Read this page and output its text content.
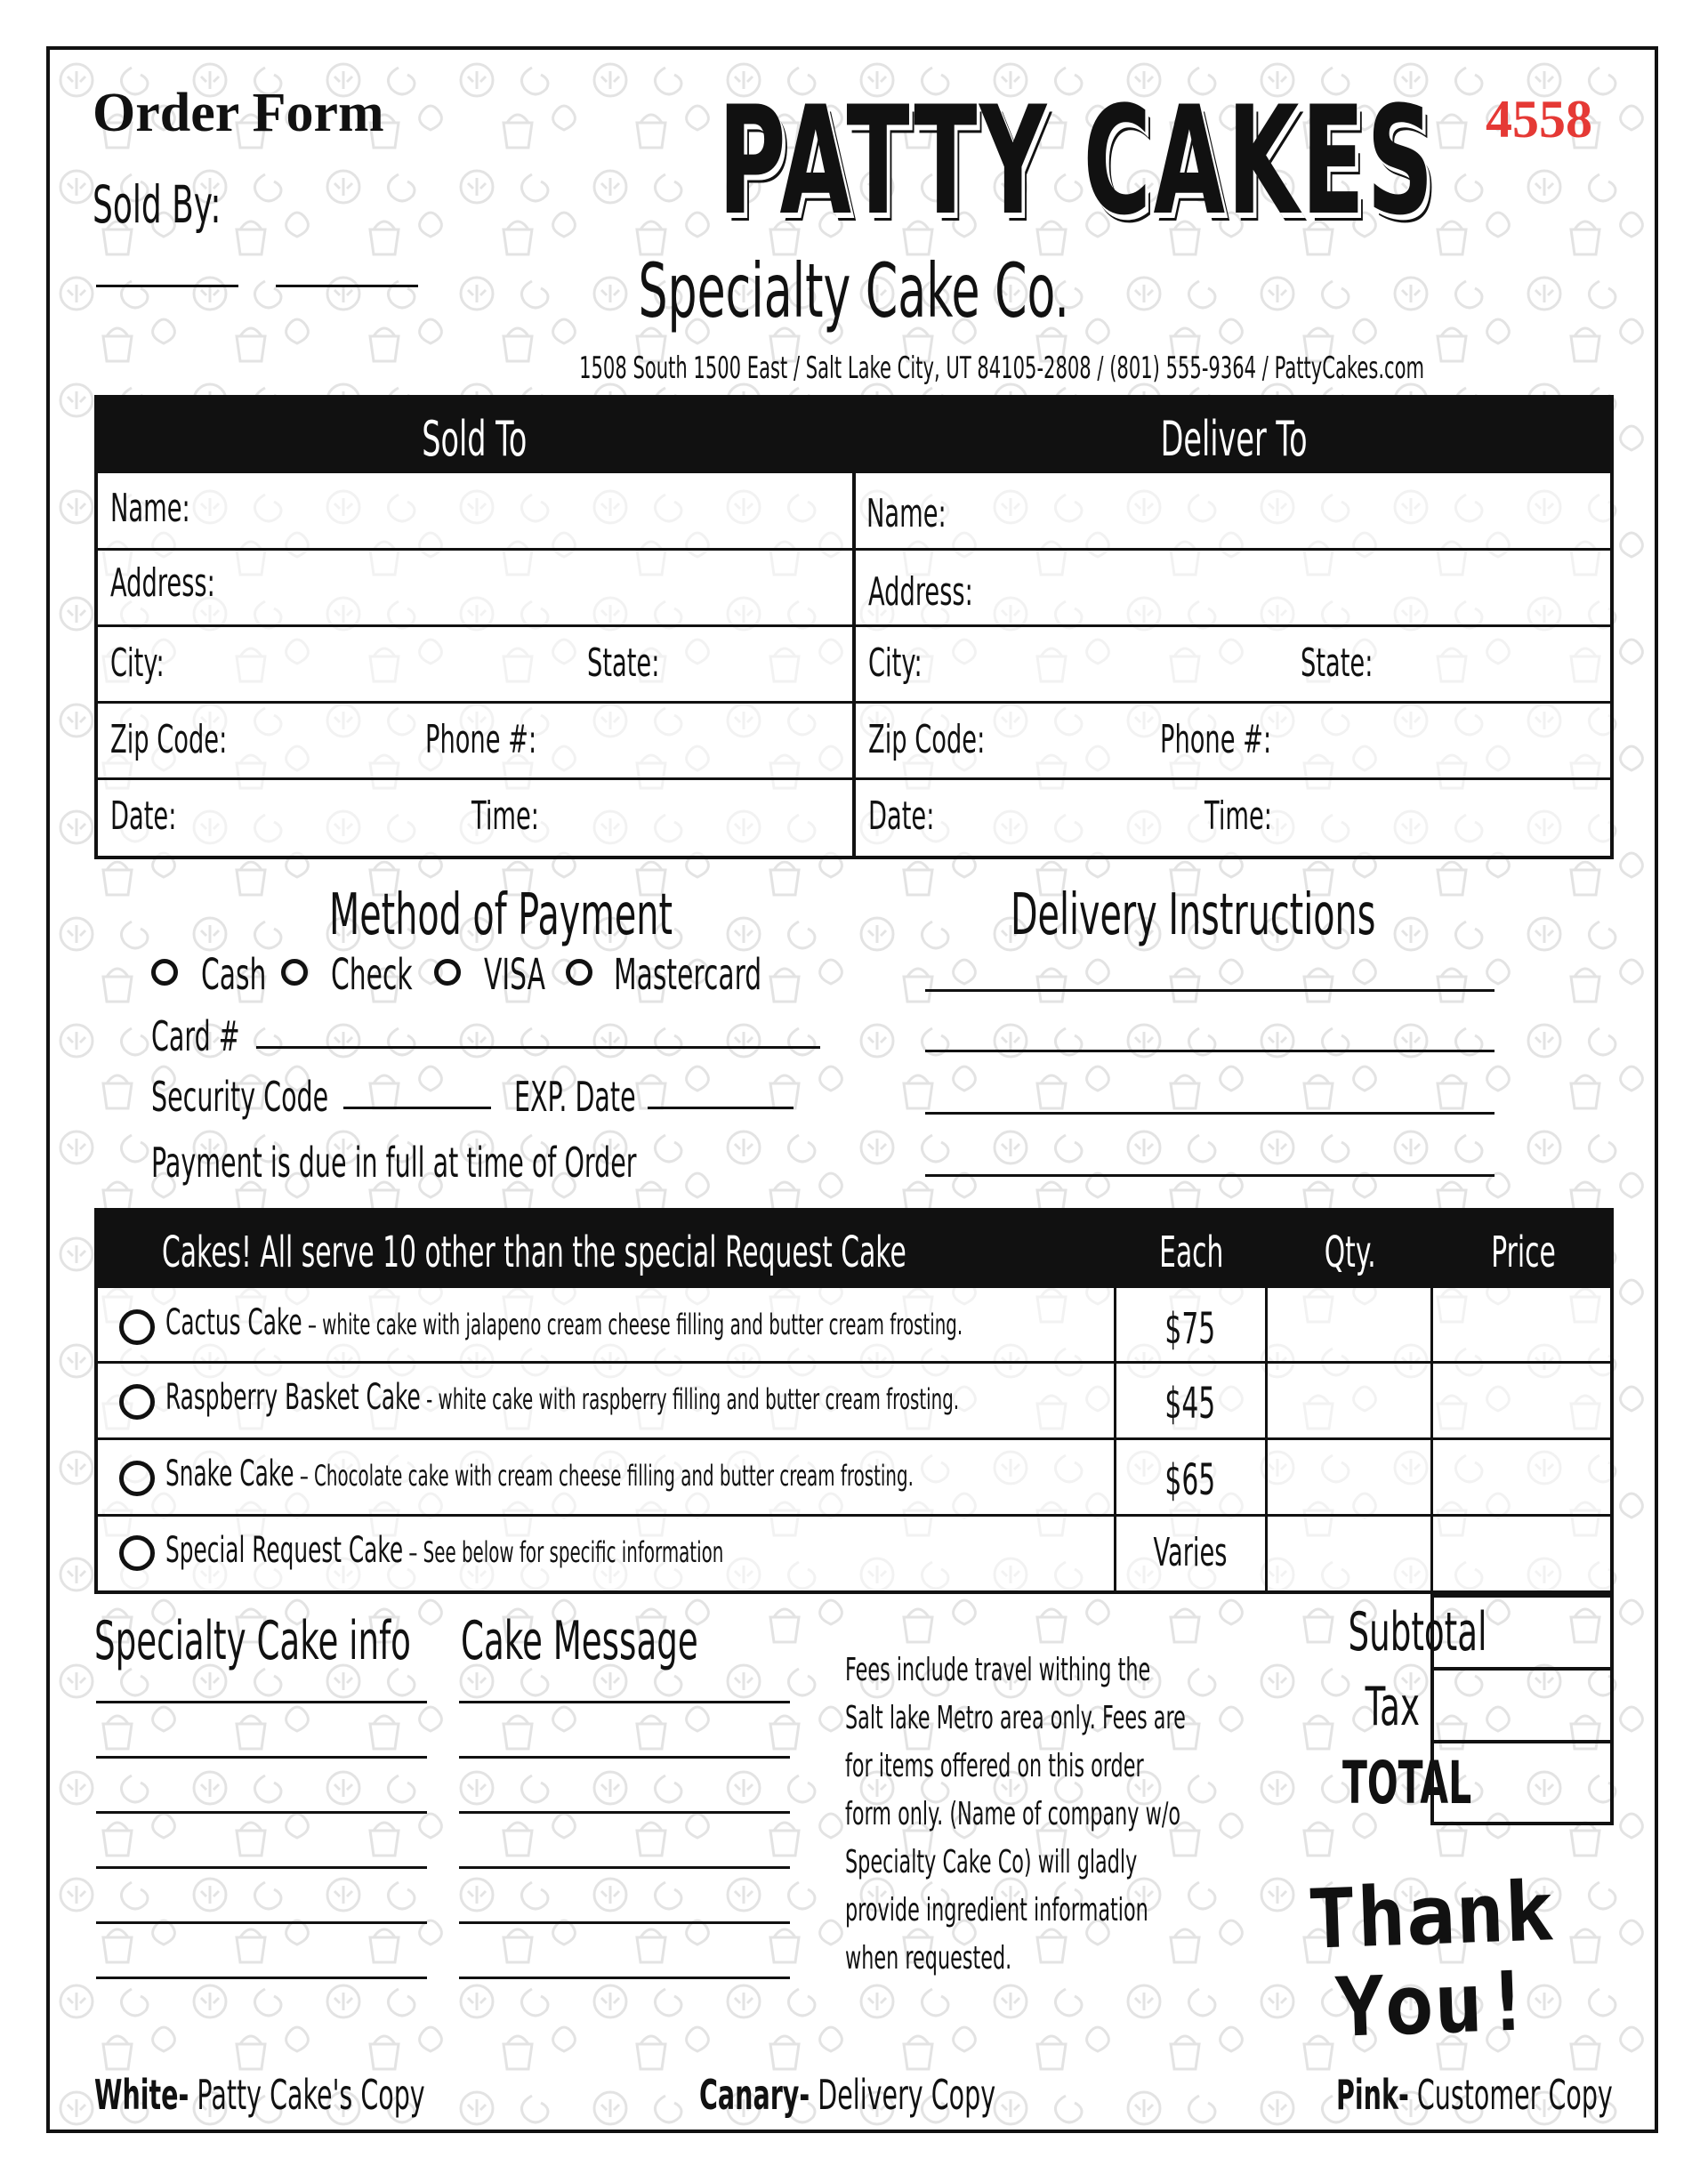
Order Form
Sold By:	PATTY CAKES
Specialty Cake Co.
4558
1508 South 1500 East / Salt Lake City, UT 84105-2808 / (801) 555-9364 / PattyCakes.com
Sold To	Deliver To
Name:
Address:
City:	State:
Zip Code:	Phone #:
Date:	Time:
Name:
Address:
City:	State:
Zip Code:	Phone #:
Date:	Time:
Method of Payment
Cash	Check	VISA	Mastercard
Card #
Security Code	EXP. Date
Payment is due in full at time of Order
Delivery Instructions
Cakes! All serve 10 other than the special Request Cake	Each	Qty.	Price
Cactus Cake – white cake with jalapeno cream cheese filling and butter cream frosting.	$75
Raspberry Basket Cake - white cake with raspberry filling and butter cream frosting.	$45
Snake Cake – Chocolate cake with cream cheese filling and butter cream frosting.	$65
Special Request Cake – See below for specific information	Varies
Specialty Cake info Cake Message	Fees include travel withing the
Salt lake Metro area only. Fees are
for items offered on this order
form only. (Name of company w/o
Specialty Cake Co) will gladly
provide ingredient information
when requested.
Subtotal
Tax
TOTAL
Thank
You!
White- Patty Cake's Copy	Canary- Delivery Copy	Pink- Customer Copy
